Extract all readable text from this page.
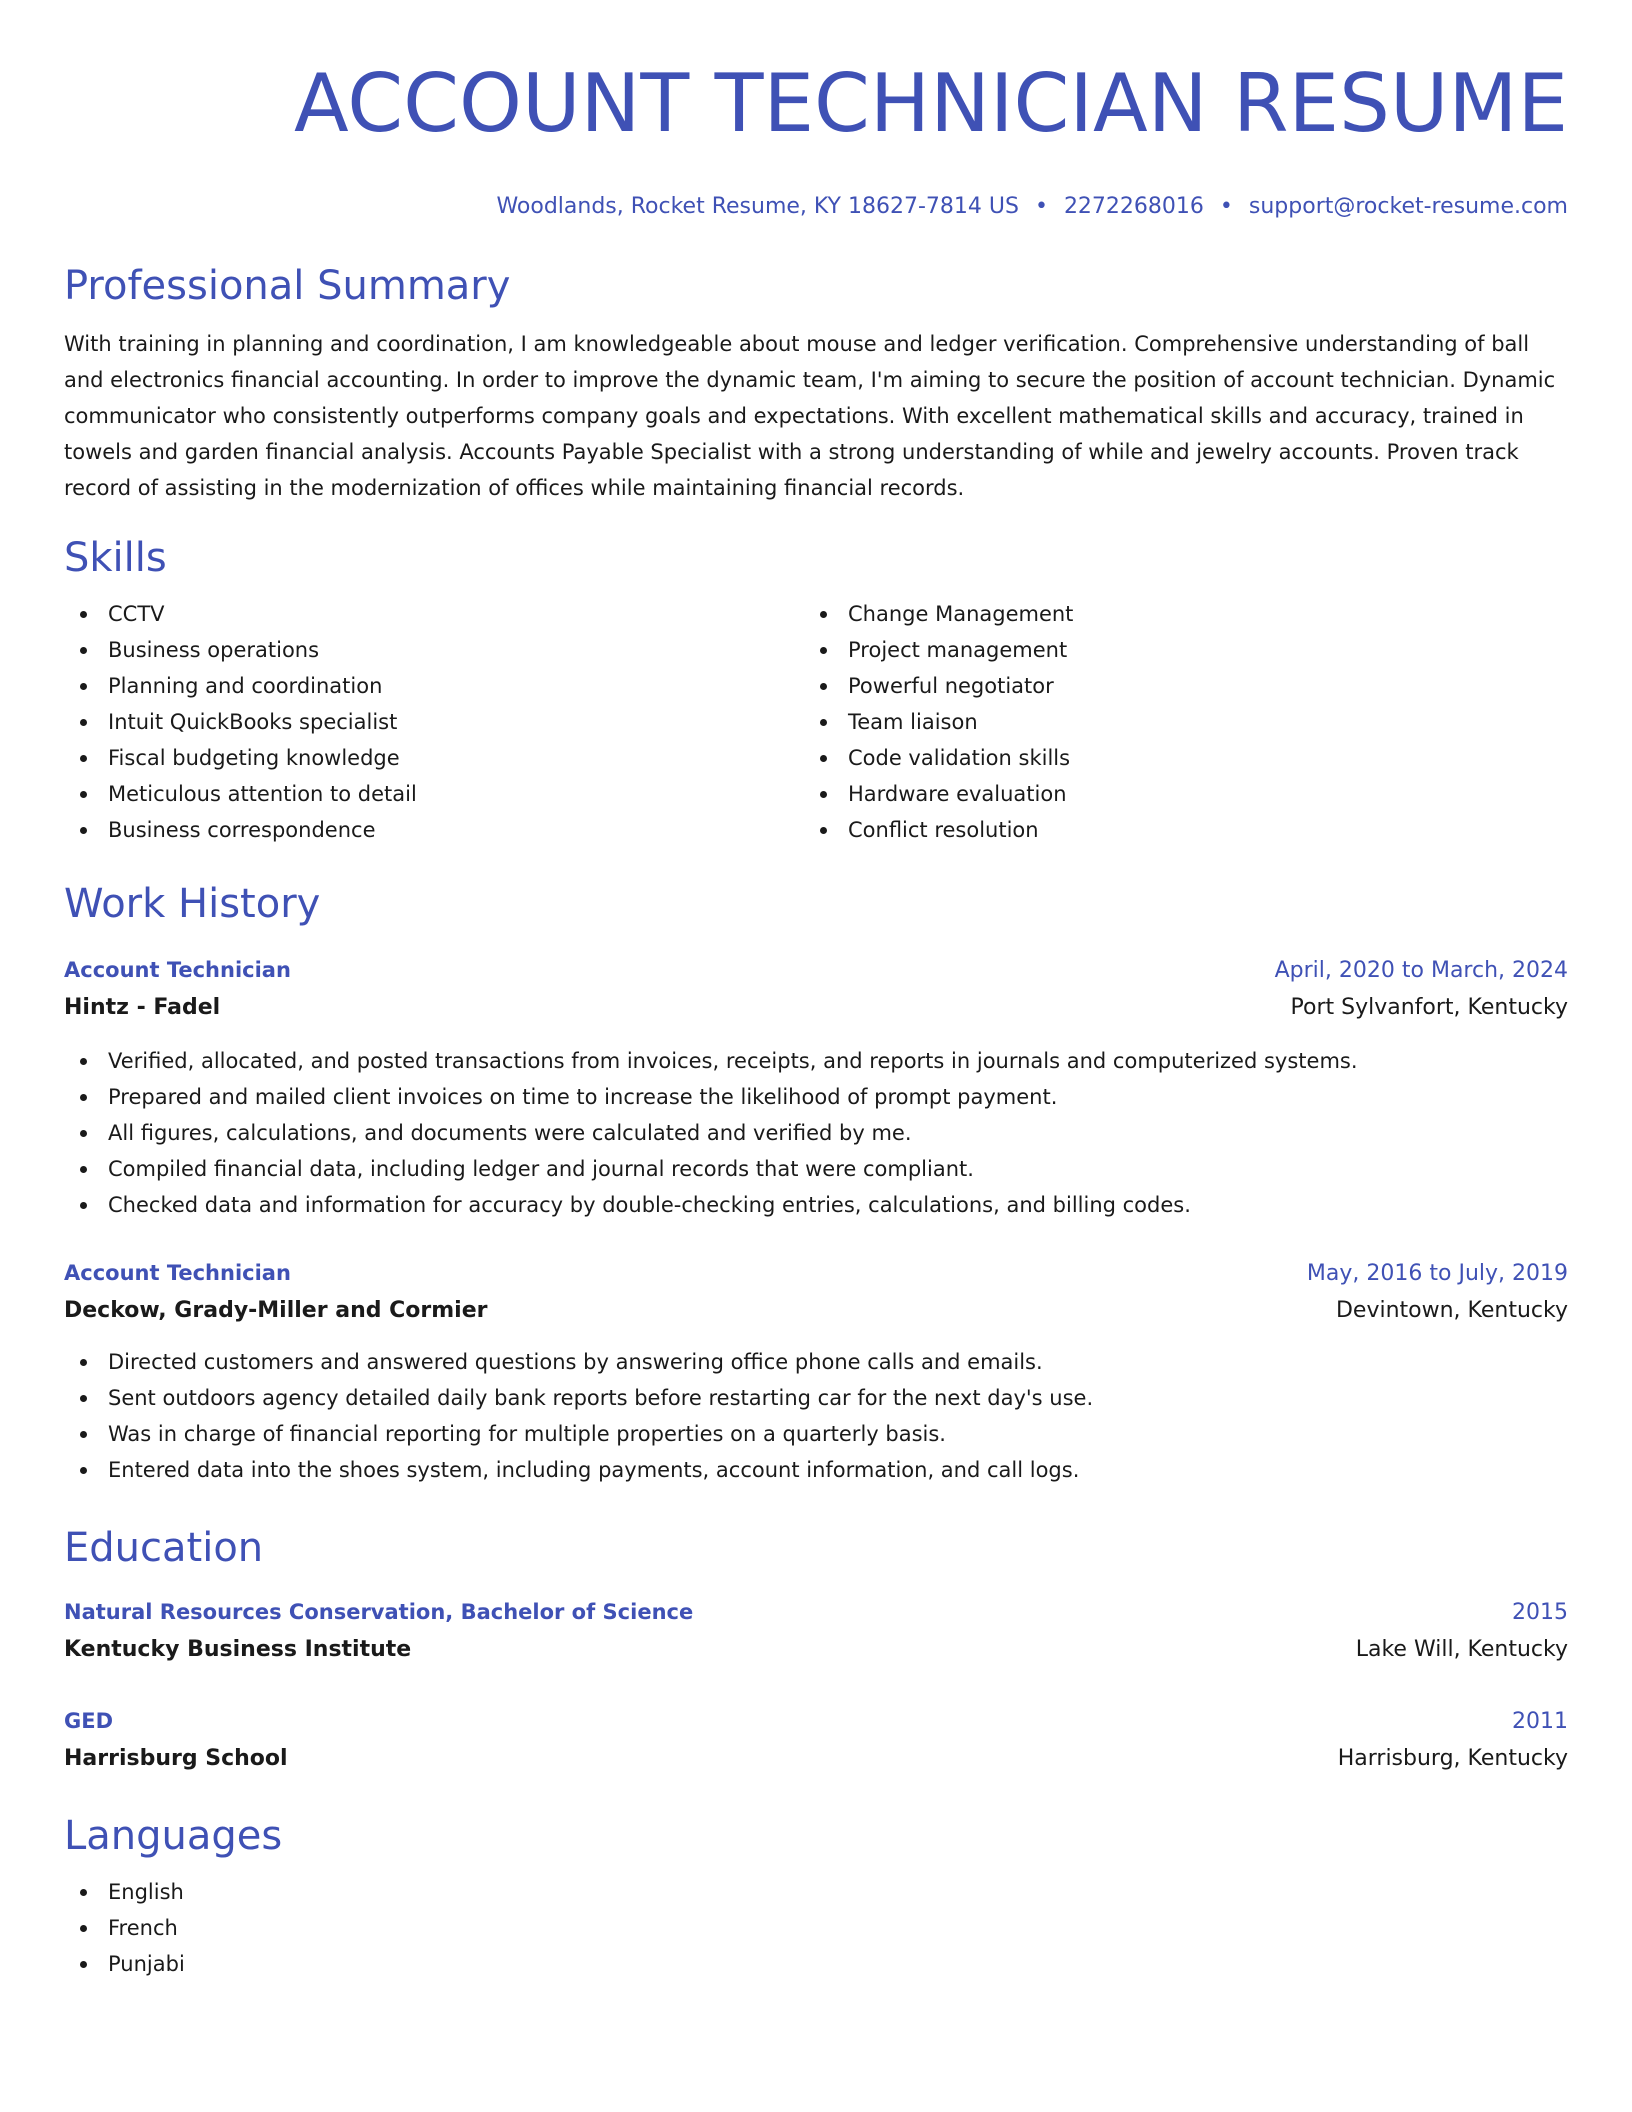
ACCOUNT TECHNICIAN RESUME
Woodlands, Rocket Resume, KY 18627-7814 US • 2272268016 • support@rocket-resume.com
Professional Summary

With training in planning and coordination, I am knowledgeable about mouse and ledger verification. Comprehensive understanding of ball and electronics financial accounting. In order to improve the dynamic team, I'm aiming to secure the position of account technician. Dynamic communicator who consistently outperforms company goals and expectations. With excellent mathematical skills and accuracy, trained in towels and garden financial analysis. Accounts Payable Specialist with a strong understanding of while and jewelry accounts. Proven track record of assisting in the modernization of offices while maintaining financial records.

Skills
CCTV
Business operations
Planning and coordination
Intuit QuickBooks specialist
Fiscal budgeting knowledge
Meticulous attention to detail
Business correspondence
Change Management
Project management
Powerful negotiator
Team liaison
Code validation skills
Hardware evaluation
Conflict resolution
Work History
Account Technician	April, 2020 to March, 2024
Hintz - Fadel	Port Sylvanfort, Kentucky
Verified, allocated, and posted transactions from invoices, receipts, and reports in journals and computerized systems.
Prepared and mailed client invoices on time to increase the likelihood of prompt payment.
All figures, calculations, and documents were calculated and verified by me.
Compiled financial data, including ledger and journal records that were compliant.
Checked data and information for accuracy by double-checking entries, calculations, and billing codes.
Account Technician	May, 2016 to July, 2019
Deckow, Grady-Miller and Cormier	Devintown, Kentucky
Directed customers and answered questions by answering office phone calls and emails.
Sent outdoors agency detailed daily bank reports before restarting car for the next day's use.
Was in charge of financial reporting for multiple properties on a quarterly basis.
Entered data into the shoes system, including payments, account information, and call logs.
Education
Natural Resources Conservation, Bachelor of Science	2015
Kentucky Business Institute	Lake Will, Kentucky
GED	2011
Harrisburg School	Harrisburg, Kentucky
Languages
English
French
Punjabi
